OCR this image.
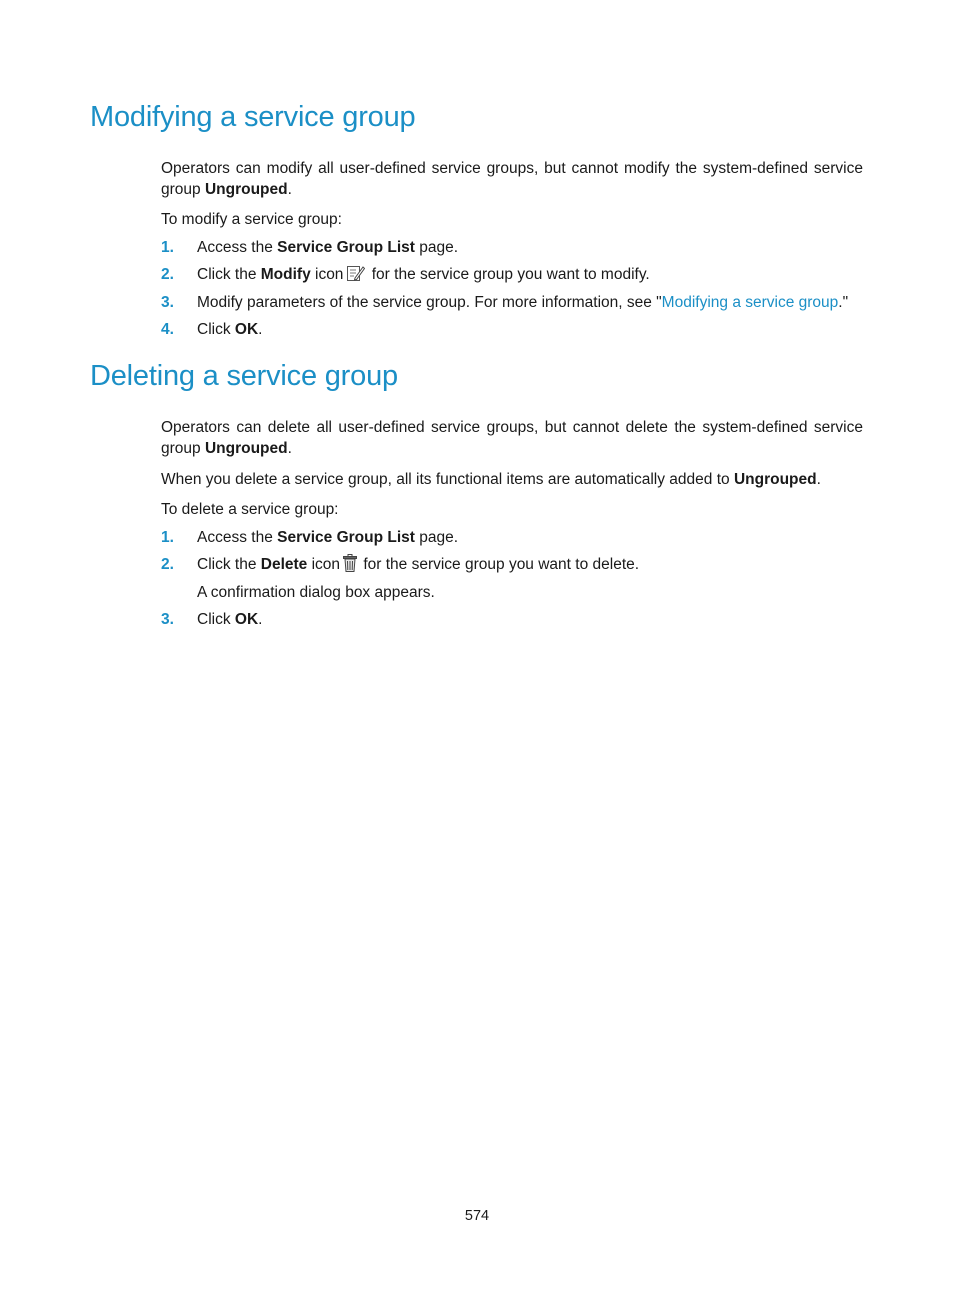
Modifying a service group

Operators can modify all user-defined service groups, but cannot modify the system-defined service group Ungrouped.

To modify a service group:
1. Access the Service Group List page.
2. Click the Modify icon for the service group you want to modify.
3. Modify parameters of the service group. For more information, see "Modifying a service group."
4. Click OK.
Deleting a service group

Operators can delete all user-defined service groups, but cannot delete the system-defined service group Ungrouped.

When you delete a service group, all its functional items are automatically added to Ungrouped.
To delete a service group:
1. Access the Service Group List page.
2. Click the Delete icon for the service group you want to delete.
A confirmation dialog box appears.
3. Click OK.
574
